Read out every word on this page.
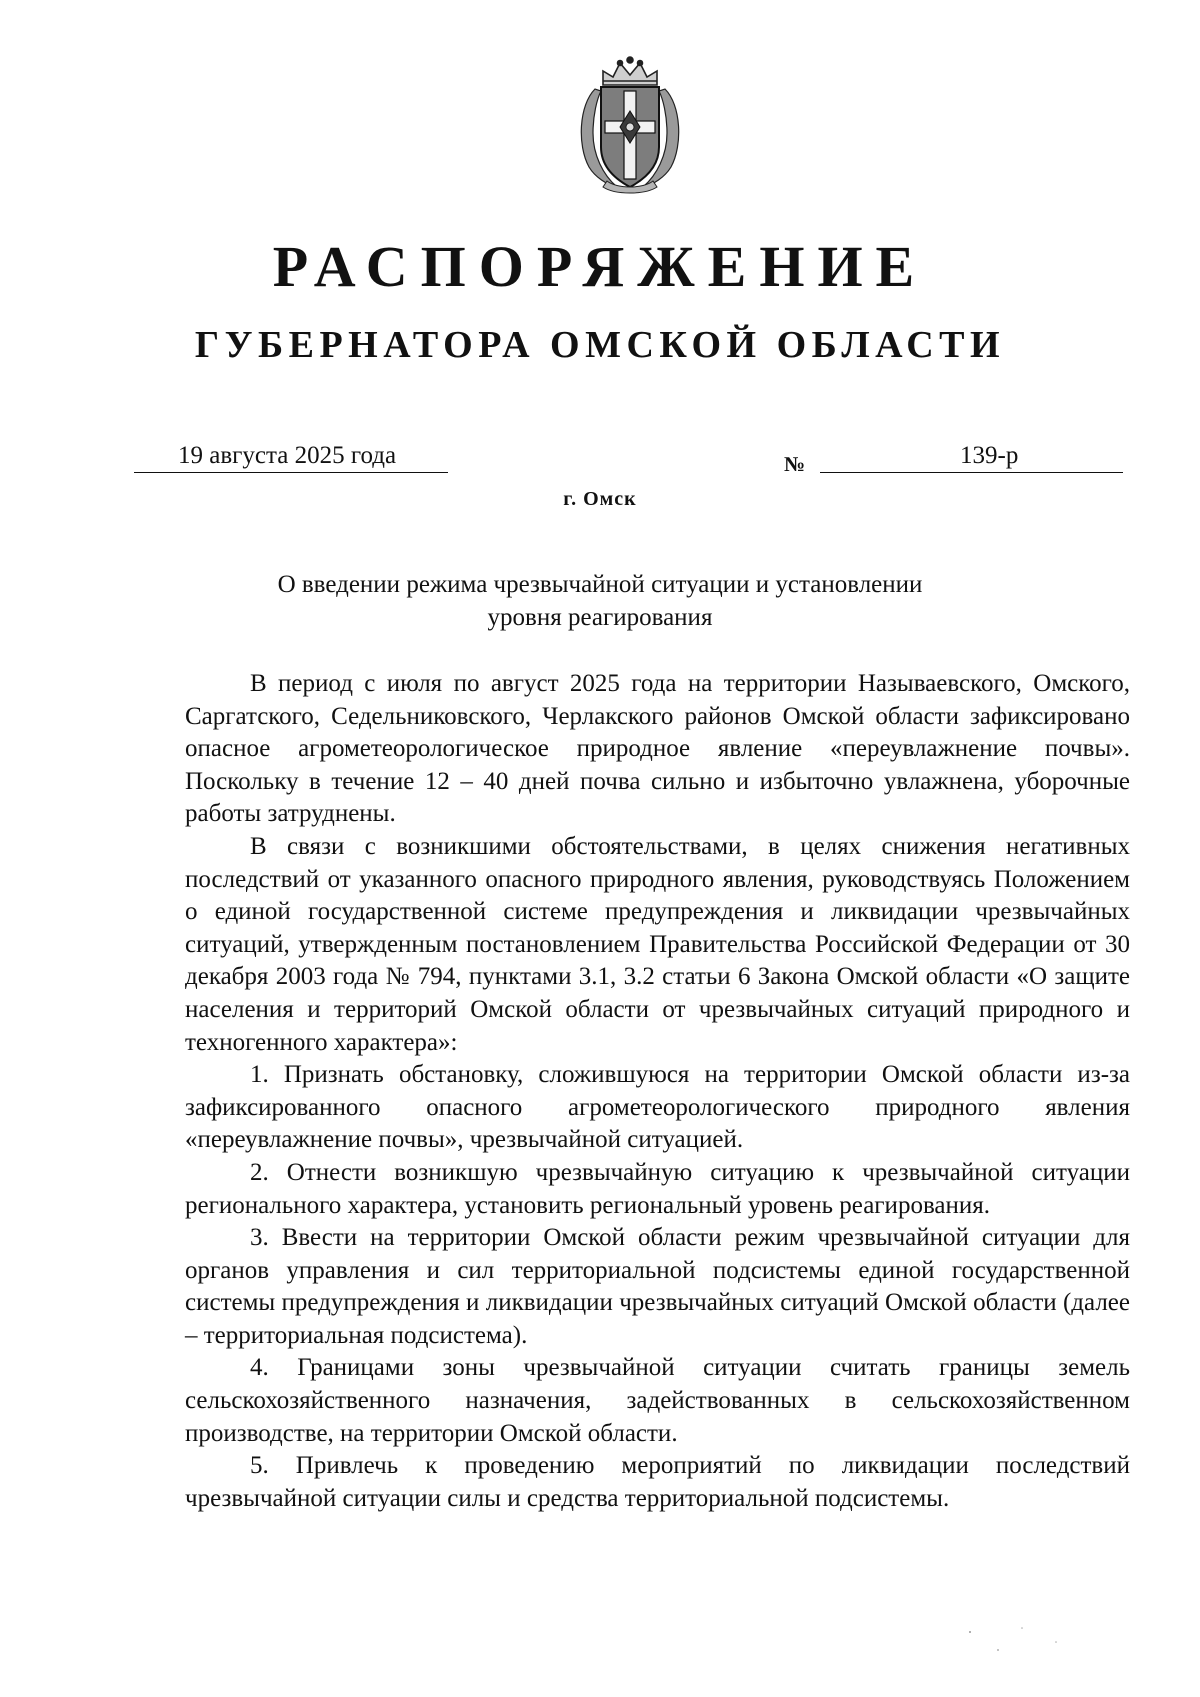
РАСПОРЯЖЕНИЕ
ГУБЕРНАТОРА ОМСКОЙ ОБЛАСТИ
19 августа 2025 года	№	139-р
г. Омск
О введении режима чрезвычайной ситуации и установлении
уровня реагирования

В период с июля по август 2025 года на территории Называевского, Омского, Саргатского, Седельниковского, Черлакского районов Омской области зафиксировано опасное агрометеорологическое природное явление «переувлажнение почвы». Поскольку в течение 12 – 40 дней почва сильно и избыточно увлажнена, уборочные работы затруднены.

В связи с возникшими обстоятельствами, в целях снижения негативных последствий от указанного опасного природного явления, руководствуясь Положением о единой государственной системе предупреждения и ликвидации чрезвычайных ситуаций, утвержденным постановлением Правительства Российской Федерации от 30 декабря 2003 года № 794, пунктами 3.1, 3.2 статьи 6 Закона Омской области «О защите населения и территорий Омской области от чрезвычайных ситуаций природного и техногенного характера»:

1. Признать обстановку, сложившуюся на территории Омской области из-за зафиксированного опасного агрометеорологического природного явления «переувлажнение почвы», чрезвычайной ситуацией.

2. Отнести возникшую чрезвычайную ситуацию к чрезвычайной ситуации регионального характера, установить региональный уровень реагирования.

3. Ввести на территории Омской области режим чрезвычайной ситуации для органов управления и сил территориальной подсистемы единой государственной системы предупреждения и ликвидации чрезвычайных ситуаций Омской области (далее – территориальная подсистема).

4. Границами зоны чрезвычайной ситуации считать границы земель сельскохозяйственного назначения, задействованных в сельскохозяйственном производстве, на территории Омской области.

5. Привлечь к проведению мероприятий по ликвидации последствий чрезвычайной ситуации силы и средства территориальной подсистемы.
